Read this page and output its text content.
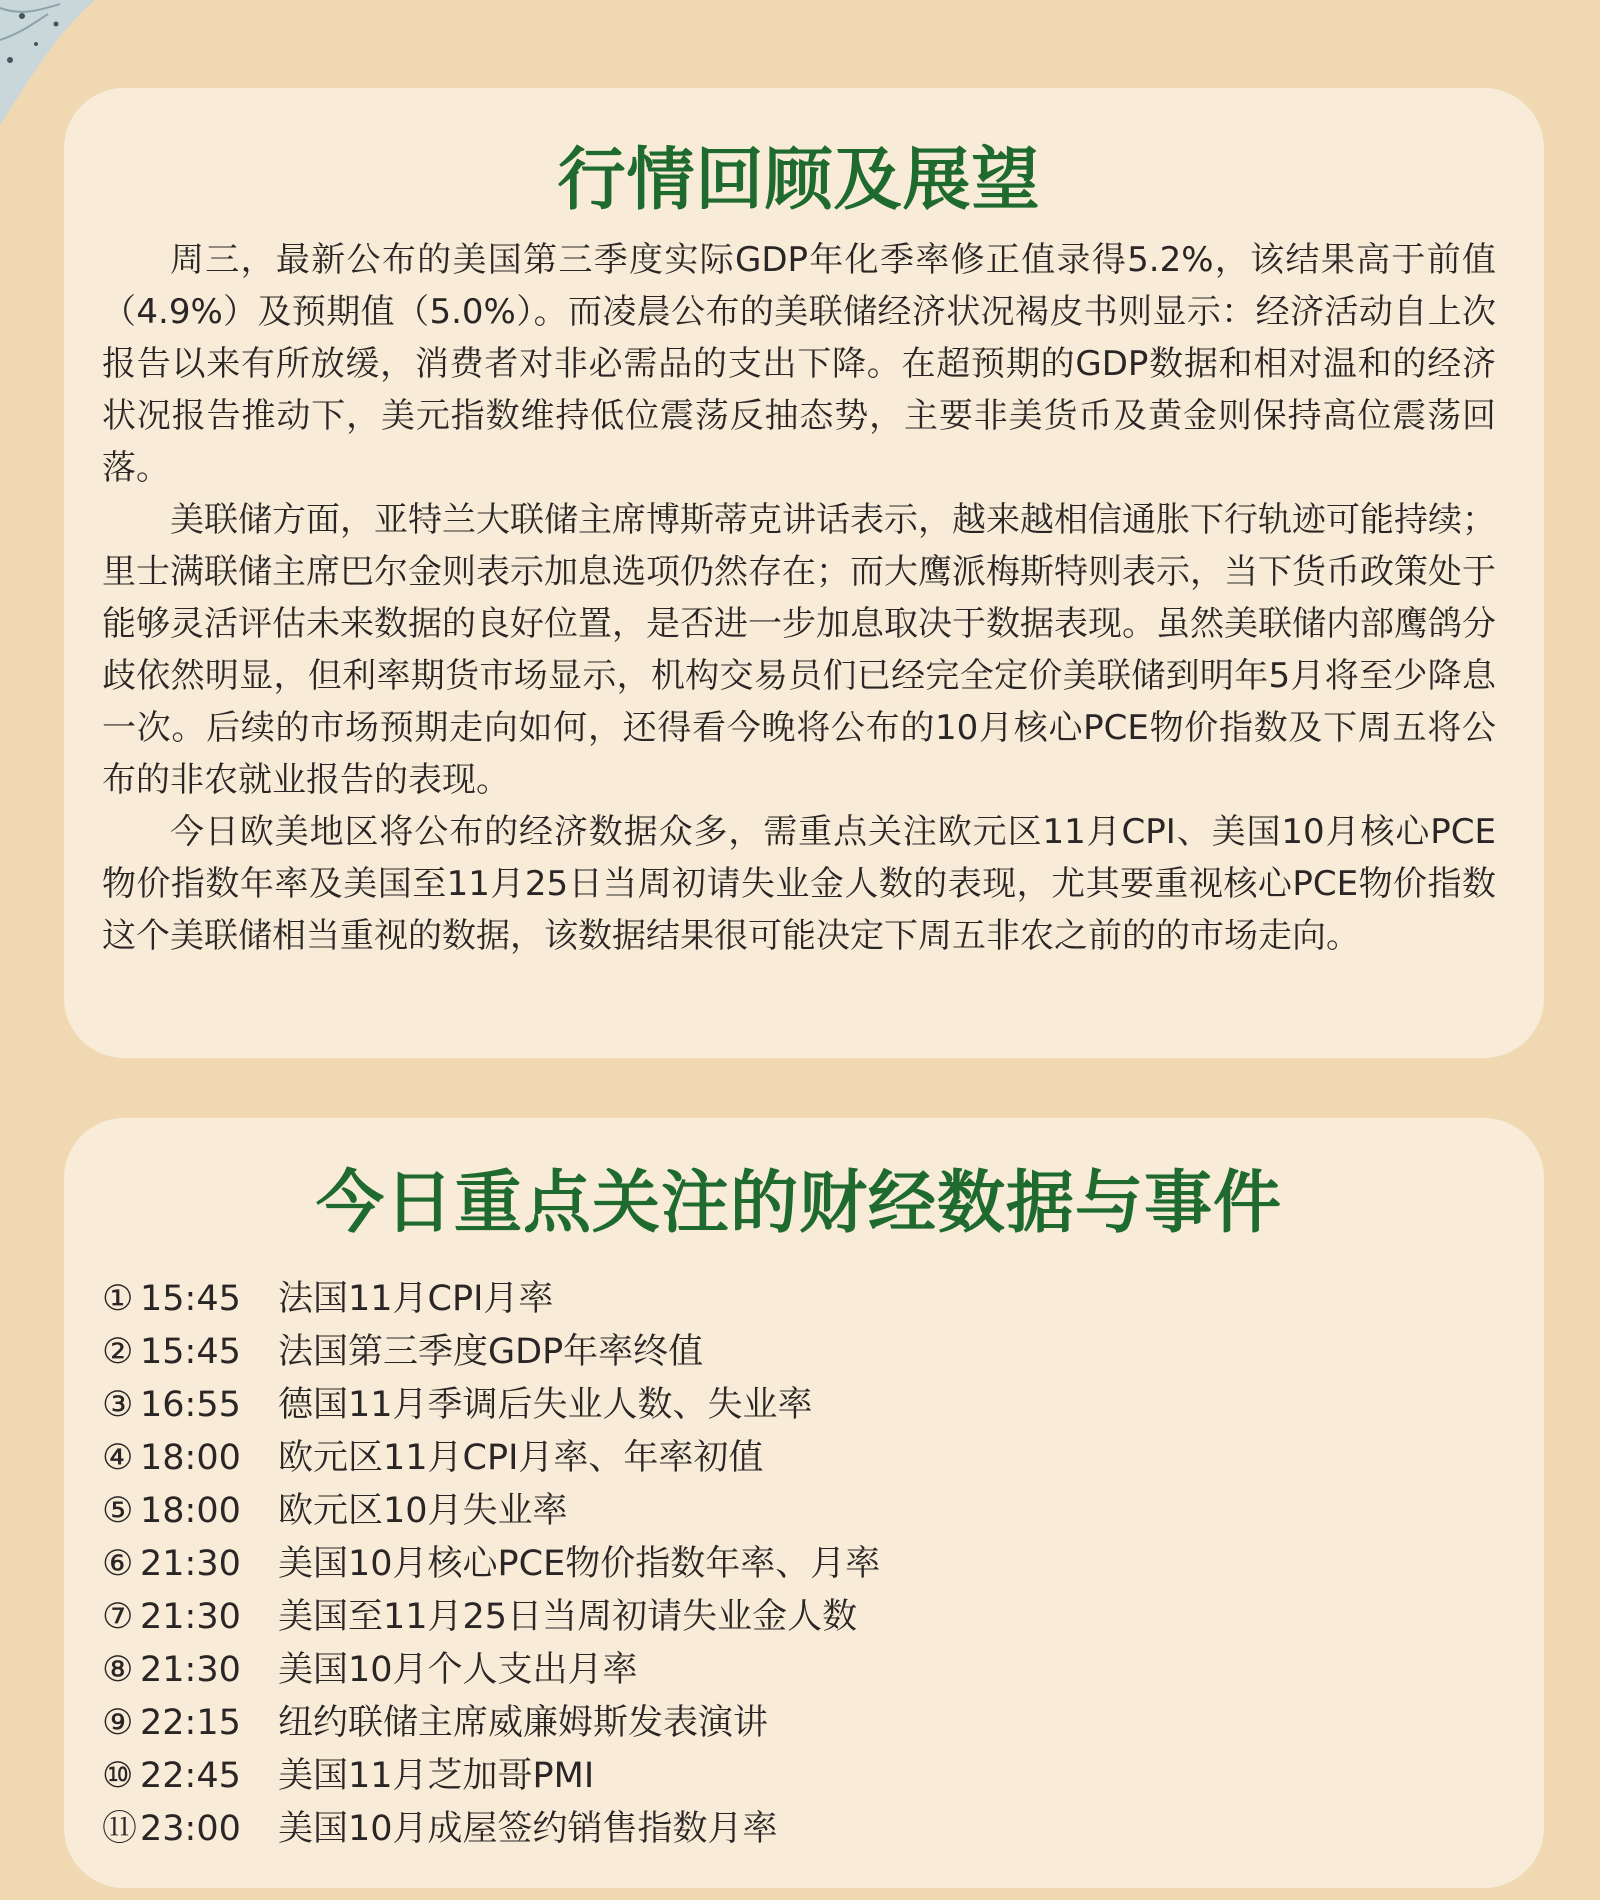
行情回顾及展望

周三，最新公布的美国第三季度实际GDP年化季率修正值录得5.2%，该结果高于前值（4.9%）及预期值（5.0%）。而凌晨公布的美联储经济状况褐皮书则显示：经济活动自上次报告以来有所放缓，消费者对非必需品的支出下降。在超预期的GDP数据和相对温和的经济状况报告推动下，美元指数维持低位震荡反抽态势，主要非美货币及黄金则保持高位震荡回落。

美联储方面，亚特兰大联储主席博斯蒂克讲话表示，越来越相信通胀下行轨迹可能持续；里士满联储主席巴尔金则表示加息选项仍然存在；而大鹰派梅斯特则表示，当下货币政策处于能够灵活评估未来数据的良好位置，是否进一步加息取决于数据表现。虽然美联储内部鹰鸽分歧依然明显，但利率期货市场显示，机构交易员们已经完全定价美联储到明年5月将至少降息一次。后续的市场预期走向如何，还得看今晚将公布的10月核心PCE物价指数及下周五将公布的非农就业报告的表现。

今日欧美地区将公布的经济数据众多，需重点关注欧元区11月CPI、美国10月核心PCE物价指数年率及美国至11月25日当周初请失业金人数的表现，尤其要重视核心PCE物价指数这个美联储相当重视的数据，该数据结果很可能决定下周五非农之前的的市场走向。

今日重点关注的财经数据与事件
① 15:45 法国11月CPI月率
② 15:45 法国第三季度GDP年率终值
③ 16:55 德国11月季调后失业人数、失业率
④ 18:00 欧元区11月CPI月率、年率初值
⑤ 18:00 欧元区10月失业率
⑥ 21:30 美国10月核心PCE物价指数年率、月率
⑦ 21:30 美国至11月25日当周初请失业金人数
⑧ 21:30 美国10月个人支出月率
⑨ 22:15 纽约联储主席威廉姆斯发表演讲
⑩ 22:45 美国11月芝加哥PMI
⑪23:00 美国10月成屋签约销售指数月率
